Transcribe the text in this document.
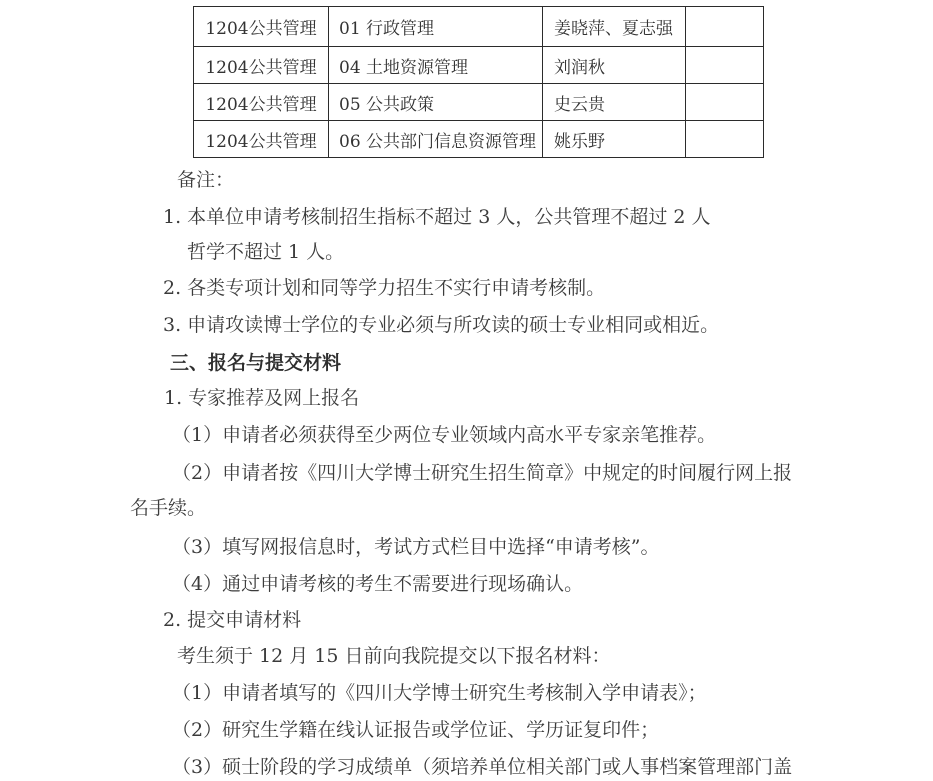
1204公共管理	01 行政管理	姜晓萍、夏志强	
1204公共管理	04 土地资源管理	刘润秋	
1204公共管理	05 公共政策	史云贵	
1204公共管理	06 公共部门信息资源管理	姚乐野	
备注：
1. 本单位申请考核制招生指标不超过 3 人，公共管理不超过 2 人
哲学不超过 1 人。
2. 各类专项计划和同等学力招生不实行申请考核制。
3. 申请攻读博士学位的专业必须与所攻读的硕士专业相同或相近。
三、报名与提交材料
1. 专家推荐及网上报名
（1）申请者必须获得至少两位专业领域内高水平专家亲笔推荐。
（2）申请者按《四川大学博士研究生招生简章》中规定的时间履行网上报
名手续。
（3）填写网报信息时，考试方式栏目中选择“申请考核”。
（4）通过申请考核的考生不需要进行现场确认。
2. 提交申请材料
考生须于 12 月 15 日前向我院提交以下报名材料：
（1）申请者填写的《四川大学博士研究生考核制入学申请表》；
（2）研究生学籍在线认证报告或学位证、学历证复印件；
（3）硕士阶段的学习成绩单（须培养单位相关部门或人事档案管理部门盖
